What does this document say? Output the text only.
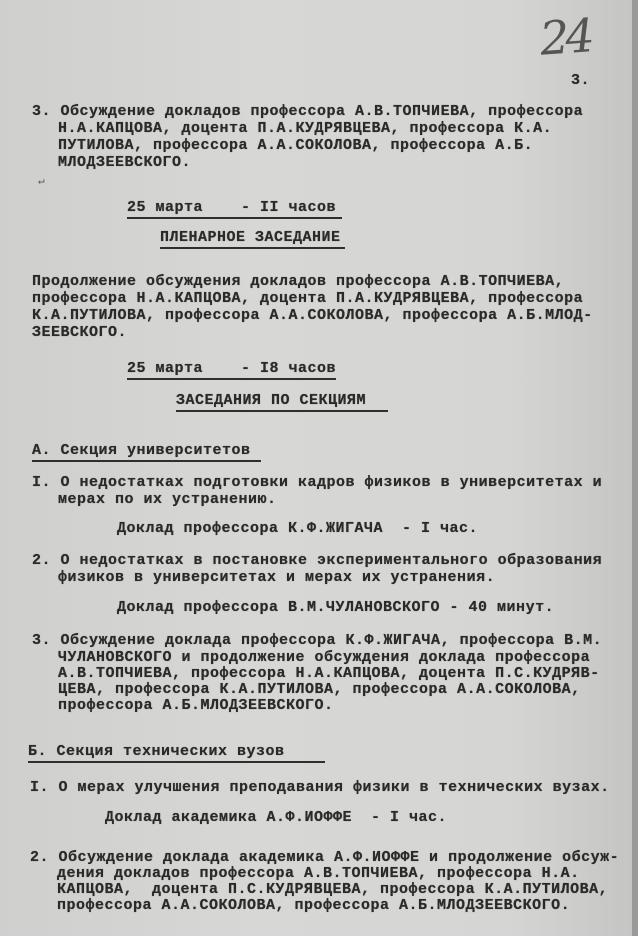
24
3.
3. Обсуждение докладов профессора А.В.ТОПЧИЕВА, профессора
Н.А.КАПЦОВА, доцента П.А.КУДРЯВЦЕВА, профессора К.А.
ПУТИЛОВА, профессора А.А.СОКОЛОВА, профессора А.Б.
МЛОДЗЕЕВСКОГО.
↵
25 марта    - II часов
ПЛЕНАРНОЕ ЗАСЕДАНИЕ
Продолжение обсуждения докладов профессора А.В.ТОПЧИЕВА,
профессора Н.А.КАПЦОВА, доцента П.А.КУДРЯВЦЕВА, профессора
К.А.ПУТИЛОВА, профессора А.А.СОКОЛОВА, профессора А.Б.МЛОД-
ЗЕЕВСКОГО.
25 марта    - I8 часов
ЗАСЕДАНИЯ ПО СЕКЦИЯМ
А. Секция университетов
I. О недостатках подготовки кадров физиков в университетах и
меpах по их устранению.
Доклад профессора К.Ф.ЖИГАЧА  - I час.
2. О недостатках в постановке экспериментального образования
физиков в университетах и мерах их устранения.
Доклад профессора В.М.ЧУЛАНОВСКОГО - 40 минут.
3. Обсуждение доклада профессора К.Ф.ЖИГАЧА, профессора В.М.
ЧУЛАНОВСКОГО и продолжение обсуждения доклада профессора
А.В.ТОПЧИЕВА, профессора Н.А.КАПЦОВА, доцента П.С.КУДРЯВ-
ЦЕВА, профессора К.А.ПУТИЛОВА, профессора А.А.СОКОЛОВА,
профессора А.Б.МЛОДЗЕЕВСКОГО.
Б. Секция технических вузов
I. О мерах улучшения преподавания физики в технических вузах.
Доклад академика А.Ф.ИОФФЕ  - I час.
2. Обсуждение доклада академика А.Ф.ИОФФЕ и продолжение обсуж-
дения докладов профессора А.В.ТОПЧИЕВА, профессора Н.А.
КАПЦОВА,  доцента П.С.КУДРЯВЦЕВА, профессора К.А.ПУТИЛОВА,
профессора А.А.СОКОЛОВА, профессора А.Б.МЛОДЗЕЕВСКОГО.
